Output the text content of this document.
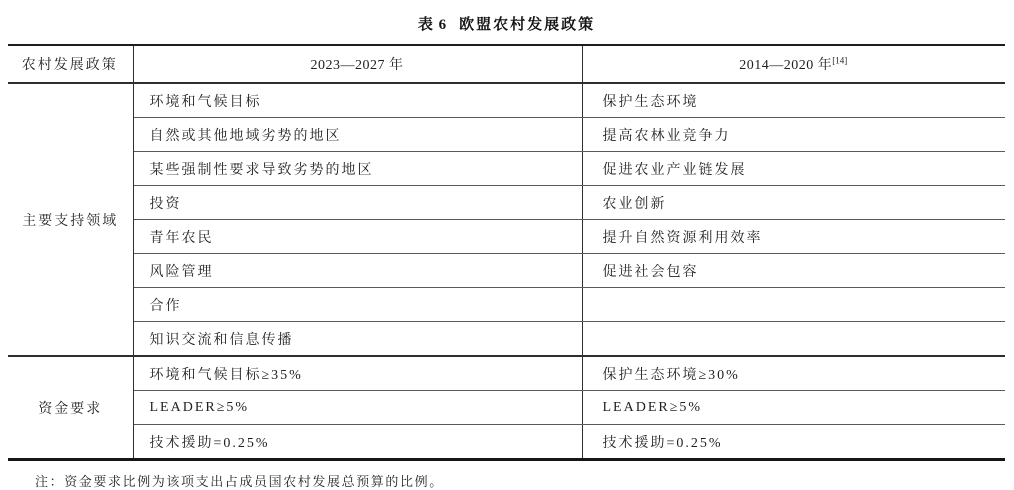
表 6 欧盟农村发展政策
农村发展政策	2023—2027 年	2014—2020 年[14]
主要支持领域	环境和气候目标	保护生态环境
	自然或其他地域劣势的地区	提高农林业竞争力
	某些强制性要求导致劣势的地区	促进农业产业链发展
	投资	农业创新
	青年农民	提升自然资源利用效率
	风险管理	促进社会包容
	合作	
	知识交流和信息传播	
资金要求	环境和气候目标≥35%	保护生态环境≥30%
	LEADER≥5%	LEADER≥5%
	技术援助=0.25%	技术援助=0.25%
注：资金要求比例为该项支出占成员国农村发展总预算的比例。
